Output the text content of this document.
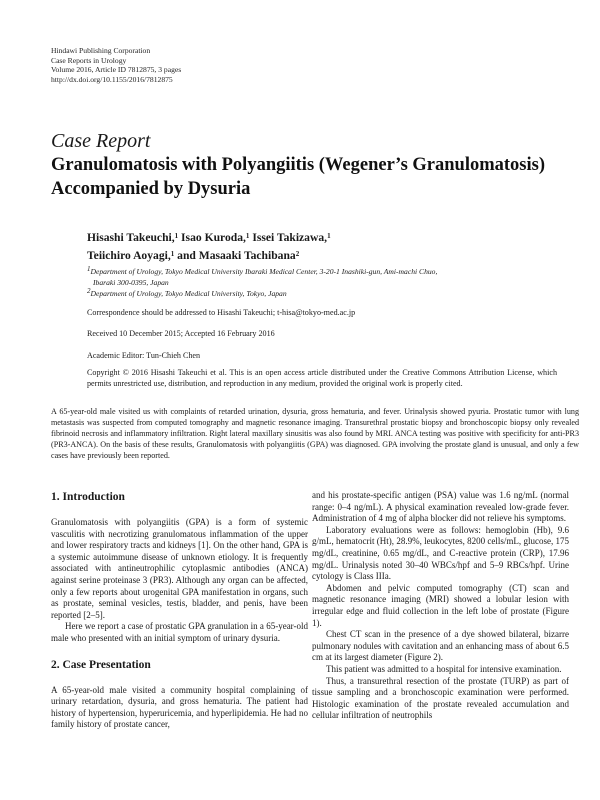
Hindawi Publishing Corporation
Case Reports in Urology
Volume 2016, Article ID 7812875, 3 pages
http://dx.doi.org/10.1155/2016/7812875
Case Report
Granulomatosis with Polyangiitis (Wegener’s Granulomatosis)
Accompanied by Dysuria
Hisashi Takeuchi,$^1$ Isao Kuroda,$^1$ Issei Takizawa,$^1$
Teiichiro Aoyagi,$^1$ and Masaaki Tachibana$^2$
$^1$Department of Urology, Tokyo Medical University Ibaraki Medical Center, 3-20-1 Inashiki-gun, Ami-machi Chuo,
Ibaraki 300-0395, Japan
$^2$Department of Urology, Tokyo Medical University, Tokyo, Japan
Correspondence should be addressed to Hisashi Takeuchi; t-hisa@tokyo-med.ac.jp
Received 10 December 2015; Accepted 16 February 2016
Academic Editor: Tun-Chieh Chen
Copyright © 2016 Hisashi Takeuchi et al. This is an open access article distributed under the Creative Commons Attribution License, which permits unrestricted use, distribution, and reproduction in any medium, provided the original work is properly cited.
A 65-year-old male visited us with complaints of retarded urination, dysuria, gross hematuria, and fever. Urinalysis showed pyuria. Prostatic tumor with lung metastasis was suspected from computed tomography and magnetic resonance imaging. Transurethral prostatic biopsy and bronchoscopic biopsy only revealed fibrinoid necrosis and inflammatory infiltration. Right lateral maxillary sinusitis was also found by MRI. ANCA testing was positive with specificity for anti-PR3 (PR3-ANCA). On the basis of these results, Granulomatosis with polyangiitis (GPA) was diagnosed. GPA involving the prostate gland is unusual, and only a few cases have previously been reported.
1. Introduction

Granulomatosis with polyangiitis (GPA) is a form of systemic vasculitis with necrotizing granulomatous inflammation of the upper and lower respiratory tracts and kidneys [1]. On the other hand, GPA is a systemic autoimmune disease of unknown etiology. It is frequently associated with antineutrophilic cytoplasmic antibodies (ANCA) against serine proteinase 3 (PR3). Although any organ can be affected, only a few reports about urogenital GPA manifestation in organs, such as prostate, seminal vesicles, testis, bladder, and penis, have been reported [2–5].

Here we report a case of prostatic GPA granulation in a 65-year-old male who presented with an initial symptom of urinary dysuria.

2. Case Presentation

A 65-year-old male visited a community hospital complaining of urinary retardation, dysuria, and gross hematuria. The patient had history of hypertension, hyperuricemia, and hyperlipidemia. He had no family history of prostate cancer,

and his prostate-specific antigen (PSA) value was 1.6 ng/mL (normal range: 0–4 ng/mL). A physical examination revealed low-grade fever. Administration of 4 mg of alpha blocker did not relieve his symptoms.

Laboratory evaluations were as follows: hemoglobin (Hb), 9.6 g/mL, hematocrit (Ht), 28.9%, leukocytes, 8200 cells/mL, glucose, 175 mg/dL, creatinine, 0.65 mg/dL, and C-reactive protein (CRP), 17.96 mg/dL. Urinalysis noted 30–40 WBCs/hpf and 5–9 RBCs/hpf. Urine cytology is Class IIIa.

Abdomen and pelvic computed tomography (CT) scan and magnetic resonance imaging (MRI) showed a lobular lesion with irregular edge and fluid collection in the left lobe of prostate (Figure 1).

Chest CT scan in the presence of a dye showed bilateral, bizarre pulmonary nodules with cavitation and an enhancing mass of about 6.5 cm at its largest diameter (Figure 2).

This patient was admitted to a hospital for intensive examination.

Thus, a transurethral resection of the prostate (TURP) as part of tissue sampling and a bronchoscopic examination were performed. Histologic examination of the prostate revealed accumulation and cellular infiltration of neutrophils
